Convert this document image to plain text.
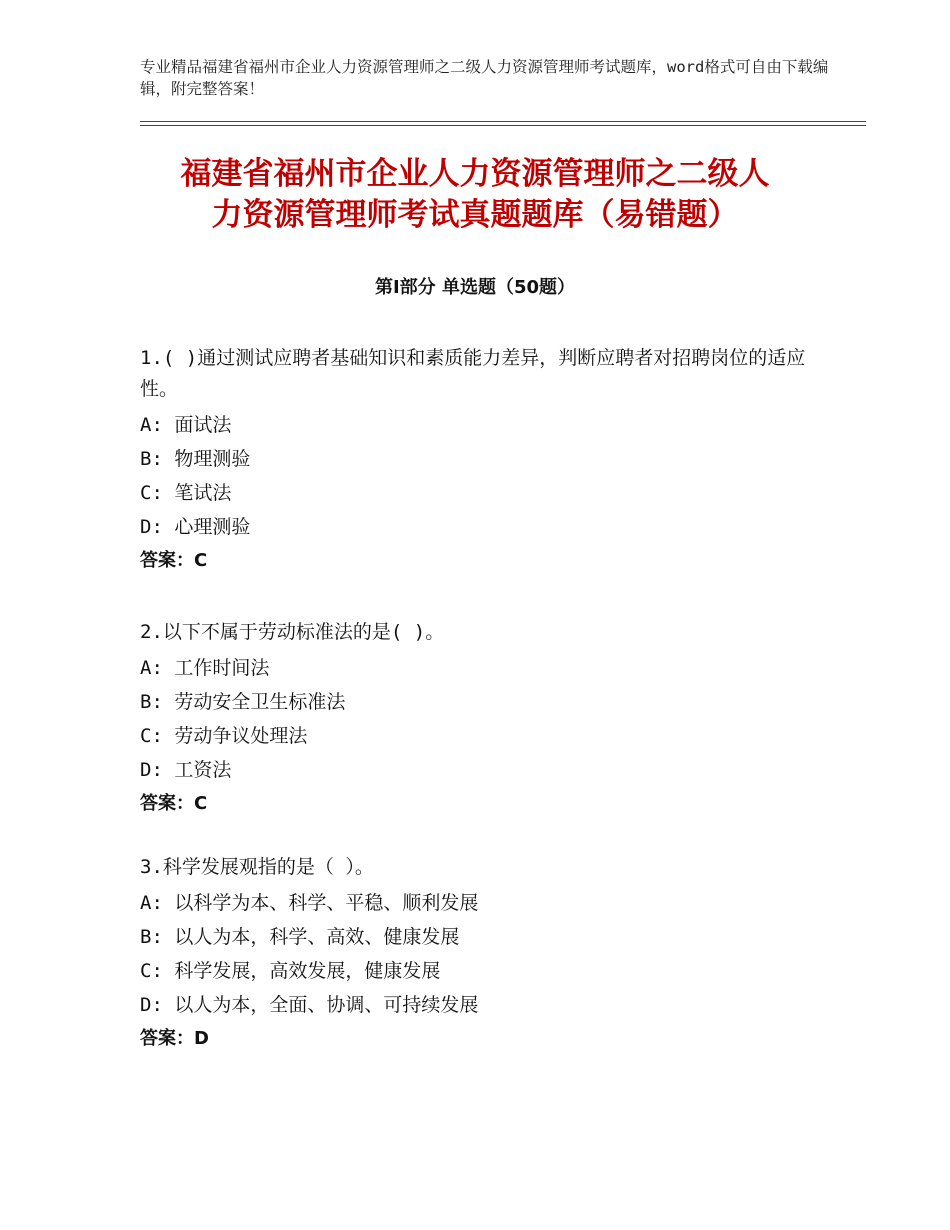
专业精品福建省福州市企业人力资源管理师之二级人力资源管理师考试题库，word格式可自由下载编辑，附完整答案！
福建省福州市企业人力资源管理师之二级人
力资源管理师考试真题题库（易错题）
第Ⅰ部分 单选题（50题）
1.( )通过测试应聘者基础知识和素质能力差异，判断应聘者对招聘岗位的适应性。
A: 面试法
B: 物理测验
C: 笔试法
D: 心理测验
答案：C
2.以下不属于劳动标准法的是( )。
A: 工作时间法
B: 劳动安全卫生标准法
C: 劳动争议处理法
D: 工资法
答案：C
3.科学发展观指的是（ ）。
A: 以科学为本、科学、平稳、顺利发展
B: 以人为本，科学、高效、健康发展
C: 科学发展，高效发展，健康发展
D: 以人为本，全面、协调、可持续发展
答案：D
